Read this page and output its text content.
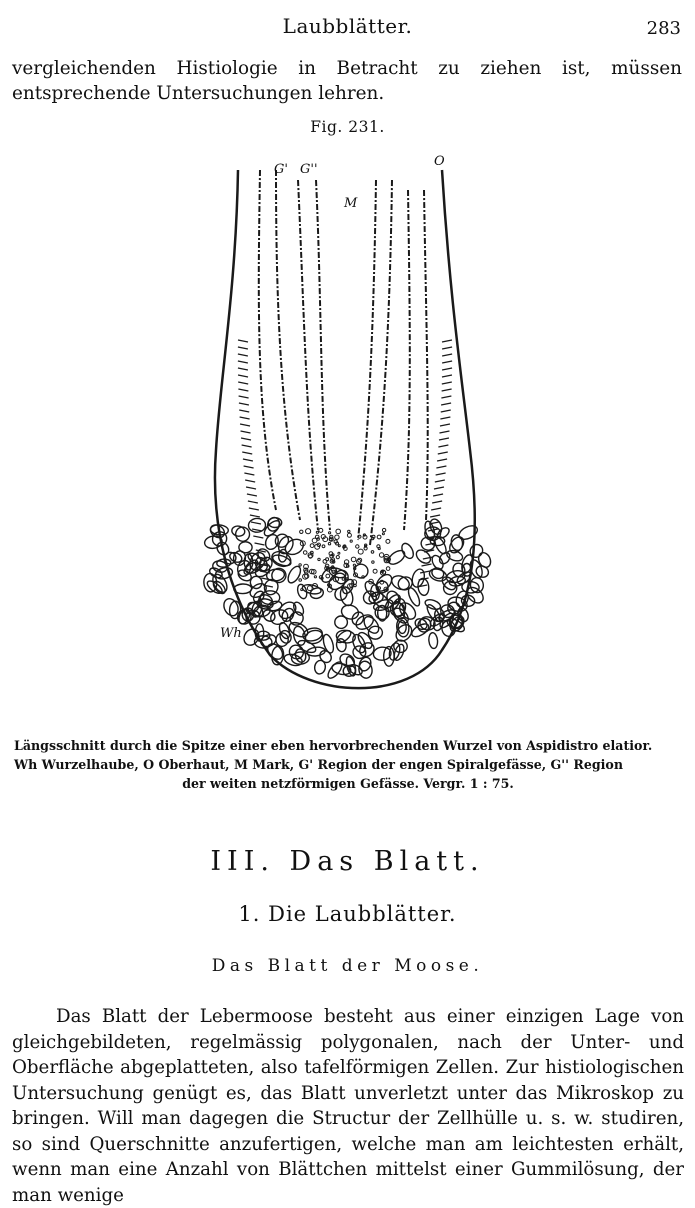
Laubblätter.	283

vergleichenden Histiologie in Betracht zu ziehen ist, müssen entsprechende Untersuchungen lehren.

Fig. 231.
G' G''
M
O
Wh
Längsschnitt durch die Spitze einer eben hervorbrechenden Wurzel von Aspidistro elatior.
Wh Wurzelhaube, O Oberhaut, M Mark, G' Region der engen Spiralgefässe, G'' Region
der weiten netzförmigen Gefässe. Vergr. 1 : 75.
III. Das Blatt.
1. Die Laubblätter.
Das Blatt der Moose.

Das Blatt der Lebermoose besteht aus einer einzigen Lage von gleichgebildeten, regelmässig polygonalen, nach der Unter- und Oberfläche abgeplatteten, also tafelförmigen Zellen. Zur histiologischen Untersuchung genügt es, das Blatt unverletzt unter das Mikroskop zu bringen. Will man dagegen die Structur der Zellhülle u. s. w. studiren, so sind Querschnitte anzufertigen, welche man am leichtesten erhält, wenn man eine Anzahl von Blättchen mittelst einer Gummilösung, der man wenige
